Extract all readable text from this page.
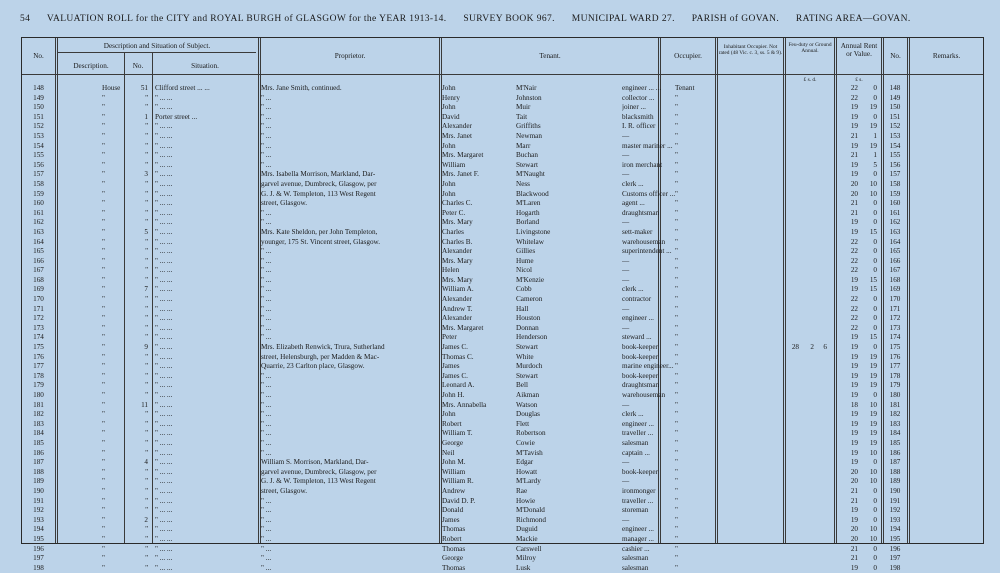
54 VALUATION ROLL for the CITY and ROYAL BURGH of GLASGOW for the YEAR 1913-14. SURVEY BOOK 967. MUNICIPAL WARD 27. PARISH of GOVAN. RATING AREA—GOVAN.
No.
Description and Situation of Subject.
Description.	No.	Situation.
Proprietor.	Tenant.	Occupier.
Inhabitant Occupier. Not rated (48 Vic. c. 3, ss. 5 & 9).
Feu-duty or Ground Annual.
Annual Rent or Value.	No.	Remarks.
£ s. d.	£ s.
148	House	51 Clifford street ... ...	Mrs. Jane Smith, continued.	John	M'Nair	engineer ... ...	Tenant	22	0	148
149	"	" " ... ...	" ...	Henry	Johnston	collector ...	"	22	0	149
150	"	" " ... ...	" ...	John	Muir	joiner ...	"	19	19	150
151	"	1 Porter street ...	" ...	David	Tait	blacksmith	"	19	0	151
152	"	" " ... ...	" ...	Alexander	Griffiths	I. R. officer	"	19	19	152
153	"	" " ... ...	" ...	Mrs. Janet	Newman	—	"	21	1	153
154	"	" " ... ...	" ...	John	Marr	master mariner ... "	19	19	154
155	"	" " ... ...	" ...	Mrs. Margaret	Buchan	—	"	21	1	155
156	"	" " ... ...	" ...	William	Stewart	iron merchant	"	19	5	156
157	"	3 " ... ...	Mrs. Isabella Morrison, Markland, Dar-	Mrs. Janet F.	M'Naught	—	"	19	0	157
158	"	" " ... ...	garvel avenue, Dumbreck, Glasgow, per	John	Ness	clerk ...	"	20	10	158
159	"	" " ... ...	G. J. & W. Templeton, 113 West Regent	John	Blackwood	Customs officer ... "	20	10	159
160	"	" " ... ...	street, Glasgow.	Charles C.	M'Laren	agent ...	"	21	0	160
161	"	" " ... ...	" ...	Peter C.	Hogarth	draughtsman	"	21	0	161
162	"	" " ... ...	" ...	Mrs. Mary	Borland	—	"	19	0	162
163	"	5 " ... ...	Mrs. Kate Sheldon, per John Templeton,	Charles	Livingstone	sett-maker	"	19	15	163
164	"	" " ... ...	younger, 175 St. Vincent street, Glasgow.	Charles B.	Whitelaw	warehouseman	"	22	0	164
165	"	" " ... ...	" ...	Alexander	Gillies	superintendent ... "	22	0	165
166	"	" " ... ...	" ...	Mrs. Mary	Hume	—	"	22	0	166
167	"	" " ... ...	" ...	Helen	Nicol	—	"	22	0	167
168	"	" " ... ...	" ...	Mrs. Mary	M'Kenzie	—	"	19	15	168
169	"	7 " ... ...	" ...	William A.	Cobb	clerk ...	"	19	15	169
170	"	" " ... ...	" ...	Alexander	Cameron	contractor	"	22	0	170
171	"	" " ... ...	" ...	Andrew T.	Hall	—	"	22	0	171
172	"	" " ... ...	" ...	Alexander	Houston	engineer ...	"	22	0	172
173	"	" " ... ...	" ...	Mrs. Margaret	Donnan	—	"	22	0	173
174	"	" " ... ...	" ...	Peter	Henderson	steward ...	"	19	15	174
175	"	9 " ... ...	Mrs. Elizabeth Renwick, Trura, Sutherland	James C.	Stewart	book-keeper	"	28	2	6	19	0	175
176	"	" " ... ...	street, Helensburgh, per Madden & Mac-	Thomas C.	White	book-keeper	"	19	19	176
177	"	" " ... ...	Quarrie, 23 Carlton place, Glasgow.	James	Murdoch	marine engineer... "	19	19	177
178	"	" " ... ...	" ...	James C.	Stewart	book-keeper	"	19	19	178
179	"	" " ... ...	" ...	Leonard A.	Bell	draughtsman	"	19	19	179
180	"	" " ... ...	" ...	John H.	Aikman	warehouseman	"	19	0	180
181	"	11 " ... ...	" ...	Mrs. Annabella	Watson	—	"	18	10	181
182	"	" " ... ...	" ...	John	Douglas	clerk ...	"	19	19	182
183	"	" " ... ...	" ...	Robert	Flett	engineer ...	"	19	19	183
184	"	" " ... ...	" ...	William T.	Robertson	traveller ...	"	19	19	184
185	"	" " ... ...	" ...	George	Cowie	salesman	"	19	19	185
186	"	" " ... ...	" ...	Neil	M'Tavish	captain ...	"	19	10	186
187	"	4 " ... ...	William S. Morrison, Markland, Dar-	John M.	Edgar	—	"	19	0	187
188	"	" " ... ...	garvel avenue, Dumbreck, Glasgow, per	William	Howatt	book-keeper	"	20	10	188
189	"	" " ... ...	G. J. & W. Templeton, 113 West Regent	William R.	M'Lardy	—	"	20	10	189
190	"	" " ... ...	street, Glasgow.	Andrew	Rae	ironmonger	"	21	0	190
191	"	" " ... ...	" ...	David D. P.	Howie	traveller ...	"	21	0	191
192	"	" " ... ...	" ...	Donald	M'Donald	storeman	"	19	0	192
193	"	2 " ... ...	" ...	James	Richmond	—	"	19	0	193
194	"	" " ... ...	" ...	Thomas	Duguid	engineer ...	"	20	10	194
195	"	" " ... ...	" ...	Robert	Mackie	manager ...	"	20	10	195
196	"	" " ... ...	" ...	Thomas	Carswell	cashier ...	"	21	0	196
197	"	" " ... ...	" ...	George	Milroy	salesman	"	21	0	197
198	"	" " ... ...	" ...	Thomas	Lusk	salesman	"	19	0	198
